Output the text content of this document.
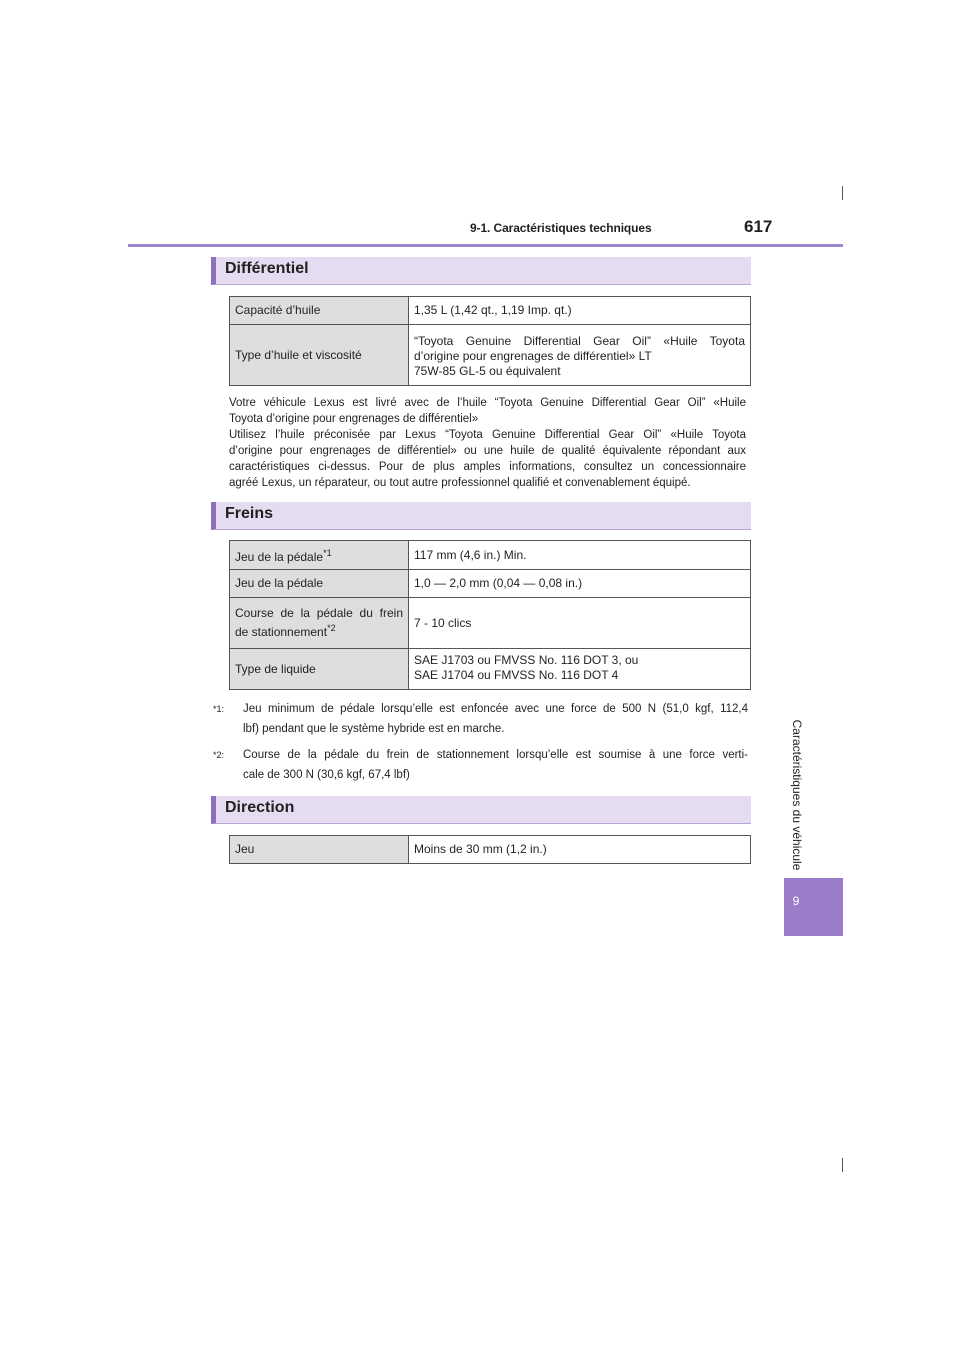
9-1. Caractéristiques techniques	617
Caractéristiques du véhicule
9
Différentiel
Capacité d’huile	1,35 L (1,42 qt., 1,19 Imp. qt.)
Type d’huile et viscosité	“Toyota Genuine Differential Gear Oil” «Huile Toyota
d’origine pour engrenages de différentiel» LT
75W-85 GL-5 ou équivalent
Votre véhicule Lexus est livré avec de l’huile “Toyota Genuine Differential Gear Oil” «Huile
Toyota d’origine pour engrenages de différentiel»
Utilisez l’huile préconisée par Lexus “Toyota Genuine Differential Gear Oil” «Huile Toyota
d’origine pour engrenages de différentiel» ou une huile de qualité équivalente répondant aux
caractéristiques ci-dessus. Pour de plus amples informations, consultez un concessionnaire
agréé Lexus, un réparateur, ou tout autre professionnel qualifié et convenablement équipé.
Freins
Jeu de la pédale$^{*1}$	117 mm (4,6 in.) Min.
Jeu de la pédale	1,0 — 2,0 mm (0,04 — 0,08 in.)

Course de la pédale du frein
de stationnement$^{*2}$	7 - 10 clics
Type de liquide	SAE J1703 ou FMVSS No. 116 DOT 3, ou
SAE J1704 ou FMVSS No. 116 DOT 4
$^{*1:}$ Jeu minimum de pédale lorsqu’elle est enfoncée avec une force de 500 N (51,0 kgf, 112,4
lbf) pendant que le système hybride est en marche.
$^{*2:}$ Course de la pédale du frein de stationnement lorsqu’elle est soumise à une force verti-
cale de 300 N (30,6 kgf, 67,4 lbf)
Direction
Jeu	Moins de 30 mm (1,2 in.)
